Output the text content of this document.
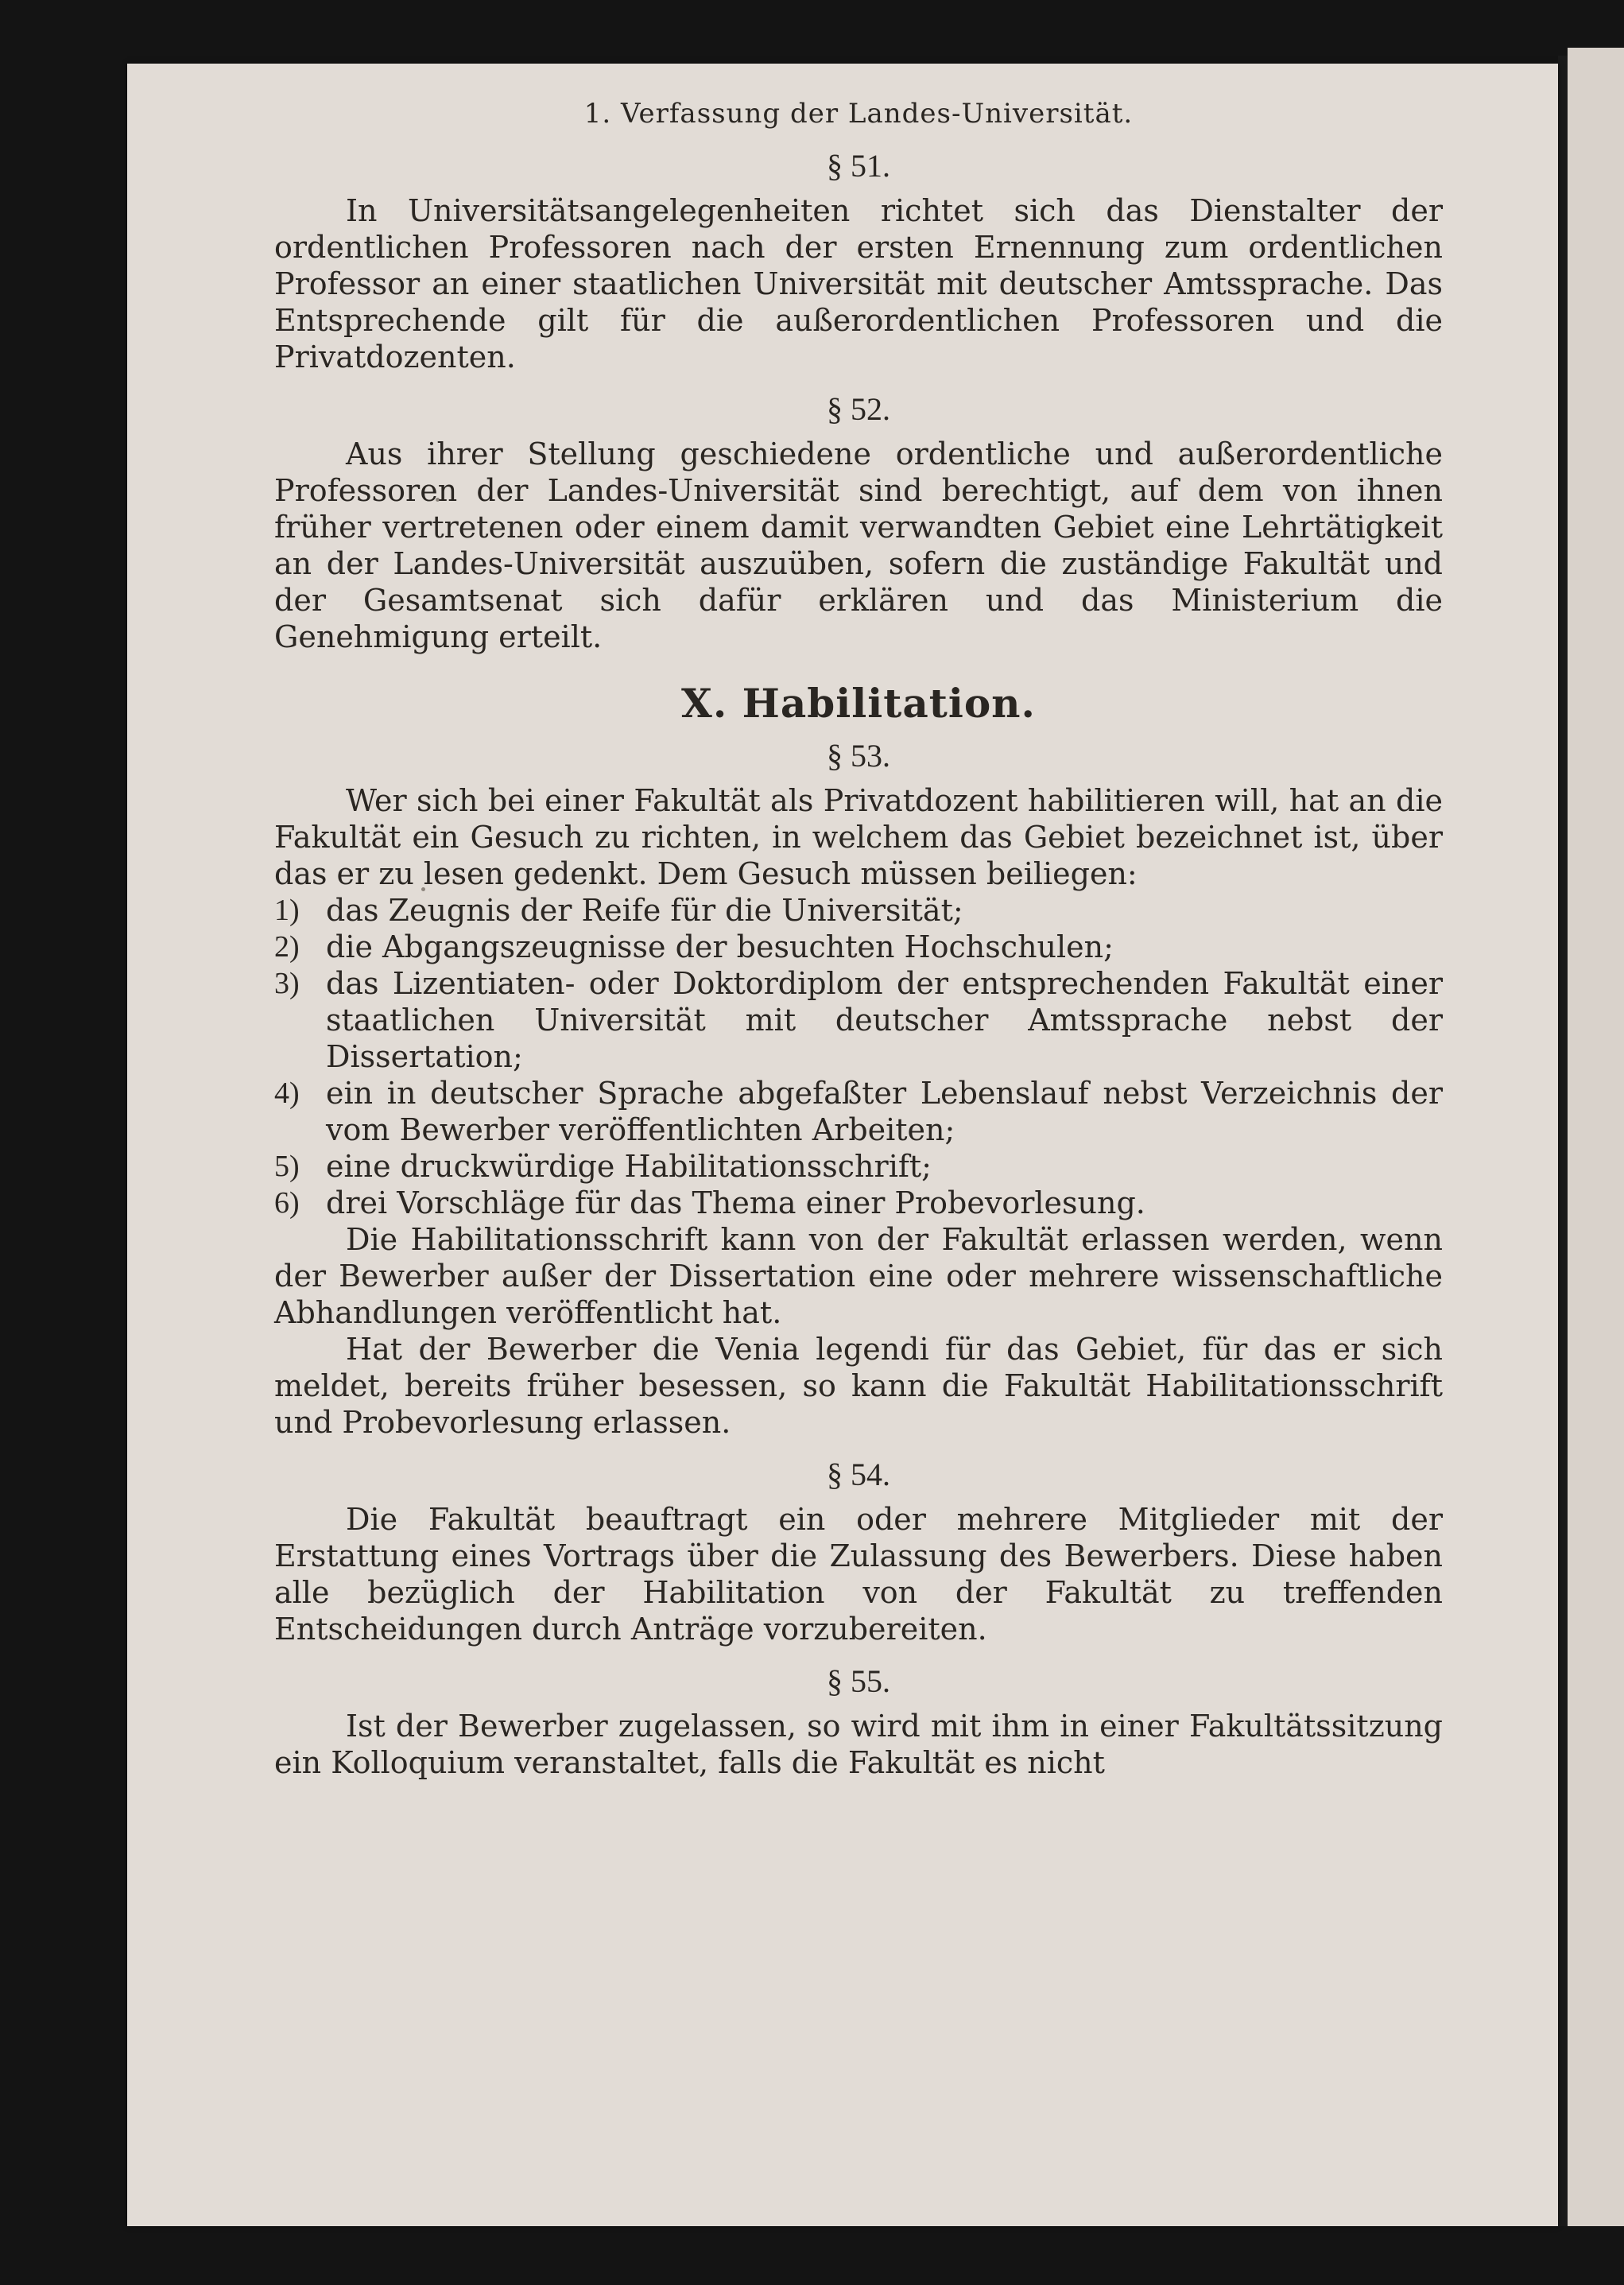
1. Verfassung der Landes-Universität.
§ 51.

In Universitätsangelegenheiten richtet sich das Dienstalter der ordentlichen Professoren nach der ersten Ernennung zum ordentlichen Professor an einer staatlichen Universität mit deutscher Amtssprache. Das Entsprechende gilt für die außerordentlichen Professoren und die Privatdozenten.

§ 52.

Aus ihrer Stellung geschiedene ordentliche und außerordentliche Professoren der Landes-Universität sind berechtigt, auf dem von ihnen früher vertretenen oder einem damit verwandten Gebiet eine Lehrtätigkeit an der Landes-Universität auszuüben, sofern die zuständige Fakultät und der Gesamtsenat sich dafür erklären und das Ministerium die Genehmigung erteilt.

X. Habilitation.
§ 53.

Wer sich bei einer Fakultät als Privatdozent habilitieren will, hat an die Fakultät ein Gesuch zu richten, in welchem das Gebiet bezeichnet ist, über das er zu lesen gedenkt. Dem Gesuch müssen beiliegen:

1) das Zeugnis der Reife für die Universität;
2) die Abgangszeugnisse der besuchten Hochschulen;
3) das Lizentiaten- oder Doktordiplom der entsprechenden Fakultät einer staatlichen Universität mit deutscher Amtssprache nebst der Dissertation;
4) ein in deutscher Sprache abgefaßter Lebenslauf nebst Verzeichnis der vom Bewerber veröffentlichten Arbeiten;
5) eine druckwürdige Habilitationsschrift;
6) drei Vorschläge für das Thema einer Probevorlesung.

Die Habilitationsschrift kann von der Fakultät erlassen werden, wenn der Bewerber außer der Dissertation eine oder mehrere wissenschaftliche Abhandlungen veröffentlicht hat.

Hat der Bewerber die Venia legendi für das Gebiet, für das er sich meldet, bereits früher besessen, so kann die Fakultät Habilitationsschrift und Probevorlesung erlassen.

§ 54.

Die Fakultät beauftragt ein oder mehrere Mitglieder mit der Erstattung eines Vortrags über die Zulassung des Bewerbers. Diese haben alle bezüglich der Habilitation von der Fakultät zu treffenden Entscheidungen durch Anträge vorzubereiten.

§ 55.

Ist der Bewerber zugelassen, so wird mit ihm in einer Fakultätssitzung ein Kolloquium veranstaltet, falls die Fakultät es nicht
